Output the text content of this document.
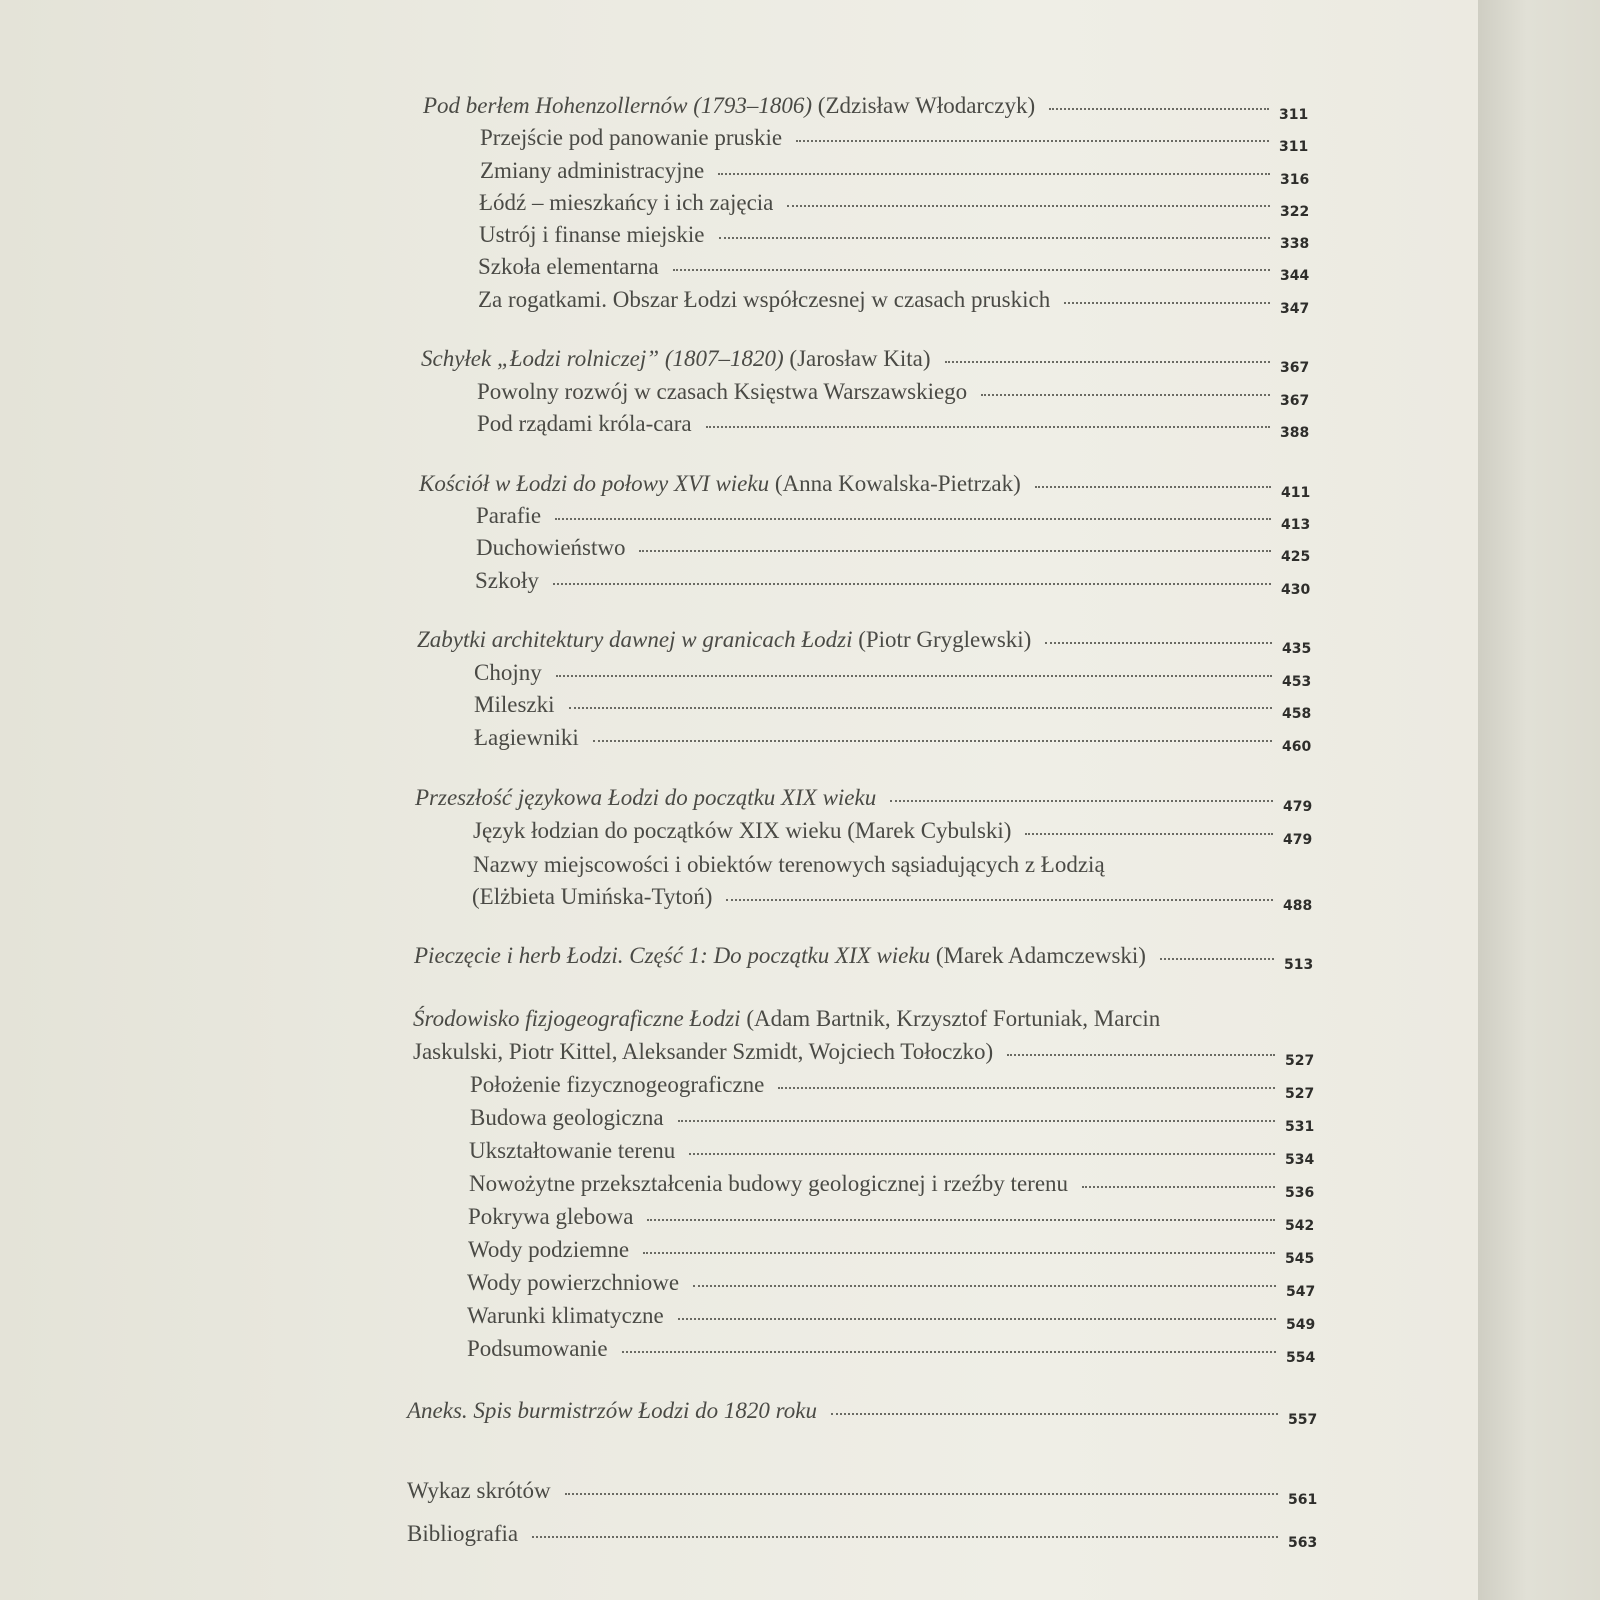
Pod berłem Hohenzollernów (1793–1806) (Zdzisław Włodarczyk)	311
Przejście pod panowanie pruskie	311
Zmiany administracyjne	316
Łódź – mieszkańcy i ich zajęcia	322
Ustrój i finanse miejskie	338
Szkoła elementarna	344
Za rogatkami. Obszar Łodzi współczesnej w czasach pruskich	347
Schyłek „Łodzi rolniczej” (1807–1820) (Jarosław Kita)	367
Powolny rozwój w czasach Księstwa Warszawskiego	367
Pod rządami króla-cara	388
Kościół w Łodzi do połowy XVI wieku (Anna Kowalska-Pietrzak)	411
Parafie	413
Duchowieństwo	425
Szkoły	430
Zabytki architektury dawnej w granicach Łodzi (Piotr Gryglewski)	435
Chojny	453
Mileszki	458
Łagiewniki	460
Przeszłość językowa Łodzi do początku XIX wieku	479
Język łodzian do początków XIX wieku (Marek Cybulski)	479
Nazwy miejscowości i obiektów terenowych sąsiadujących z Łodzią
(Elżbieta Umińska-Tytoń)	488
Pieczęcie i herb Łodzi. Część 1: Do początku XIX wieku (Marek Adamczewski)	513
Środowisko fizjogeograficzne Łodzi (Adam Bartnik, Krzysztof Fortuniak, Marcin
Jaskulski, Piotr Kittel, Aleksander Szmidt, Wojciech Tołoczko)	527
Położenie fizycznogeograficzne	527
Budowa geologiczna	531
Ukształtowanie terenu	534
Nowożytne przekształcenia budowy geologicznej i rzeźby terenu	536
Pokrywa glebowa	542
Wody podziemne	545
Wody powierzchniowe	547
Warunki klimatyczne	549
Podsumowanie	554
Aneks. Spis burmistrzów Łodzi do 1820 roku	557
Wykaz skrótów	561
Bibliografia	563
